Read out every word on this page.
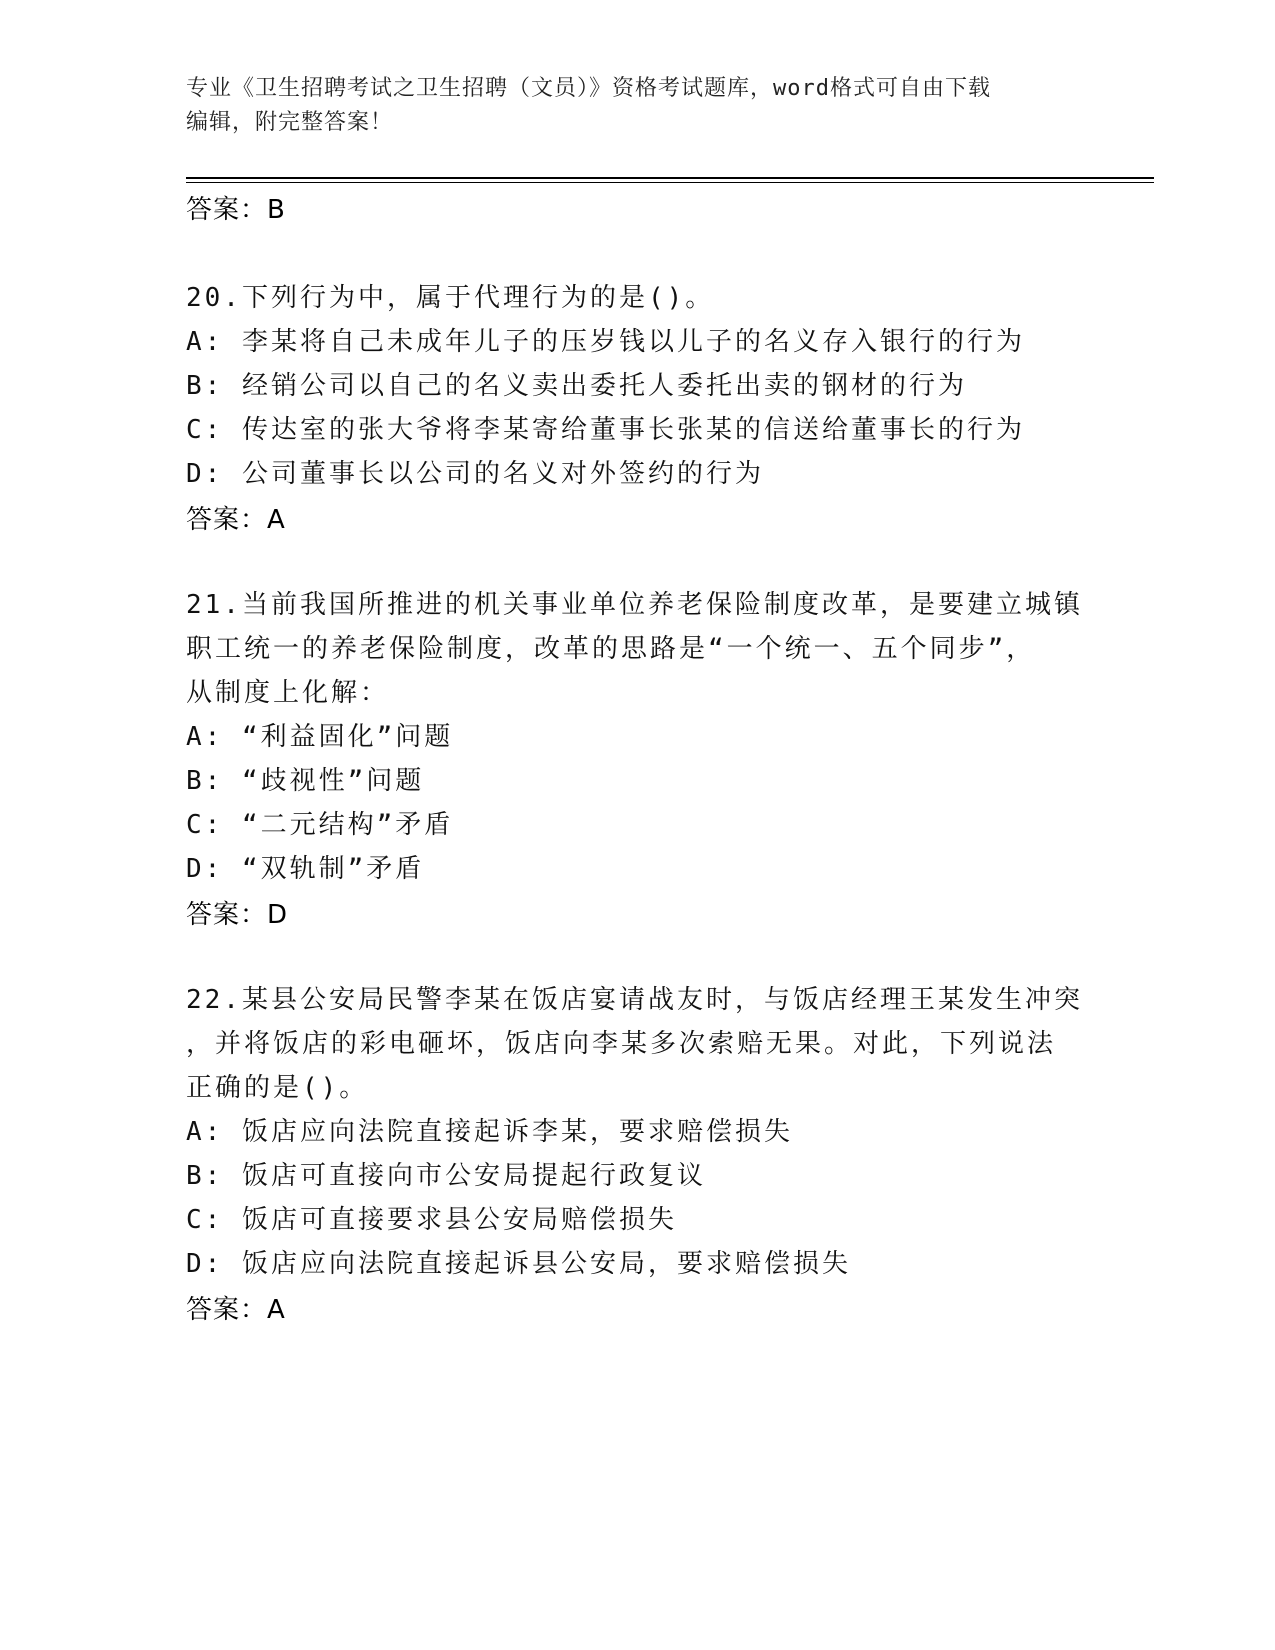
专业《卫生招聘考试之卫生招聘（文员）》资格考试题库，word格式可自由下载
编辑，附完整答案！
答案：B
20.下列行为中，属于代理行为的是()。
A: 李某将自己未成年儿子的压岁钱以儿子的名义存入银行的行为
B: 经销公司以自己的名义卖出委托人委托出卖的钢材的行为
C: 传达室的张大爷将李某寄给董事长张某的信送给董事长的行为
D: 公司董事长以公司的名义对外签约的行为
答案：A
21.当前我国所推进的机关事业单位养老保险制度改革，是要建立城镇
职工统一的养老保险制度，改革的思路是“一个统一、五个同步”，
从制度上化解：
A: “利益固化”问题
B: “歧视性”问题
C: “二元结构”矛盾
D: “双轨制”矛盾
答案：D
22.某县公安局民警李某在饭店宴请战友时，与饭店经理王某发生冲突
，并将饭店的彩电砸坏，饭店向李某多次索赔无果。对此，下列说法
正确的是()。
A: 饭店应向法院直接起诉李某，要求赔偿损失
B: 饭店可直接向市公安局提起行政复议
C: 饭店可直接要求县公安局赔偿损失
D: 饭店应向法院直接起诉县公安局，要求赔偿损失
答案：A
